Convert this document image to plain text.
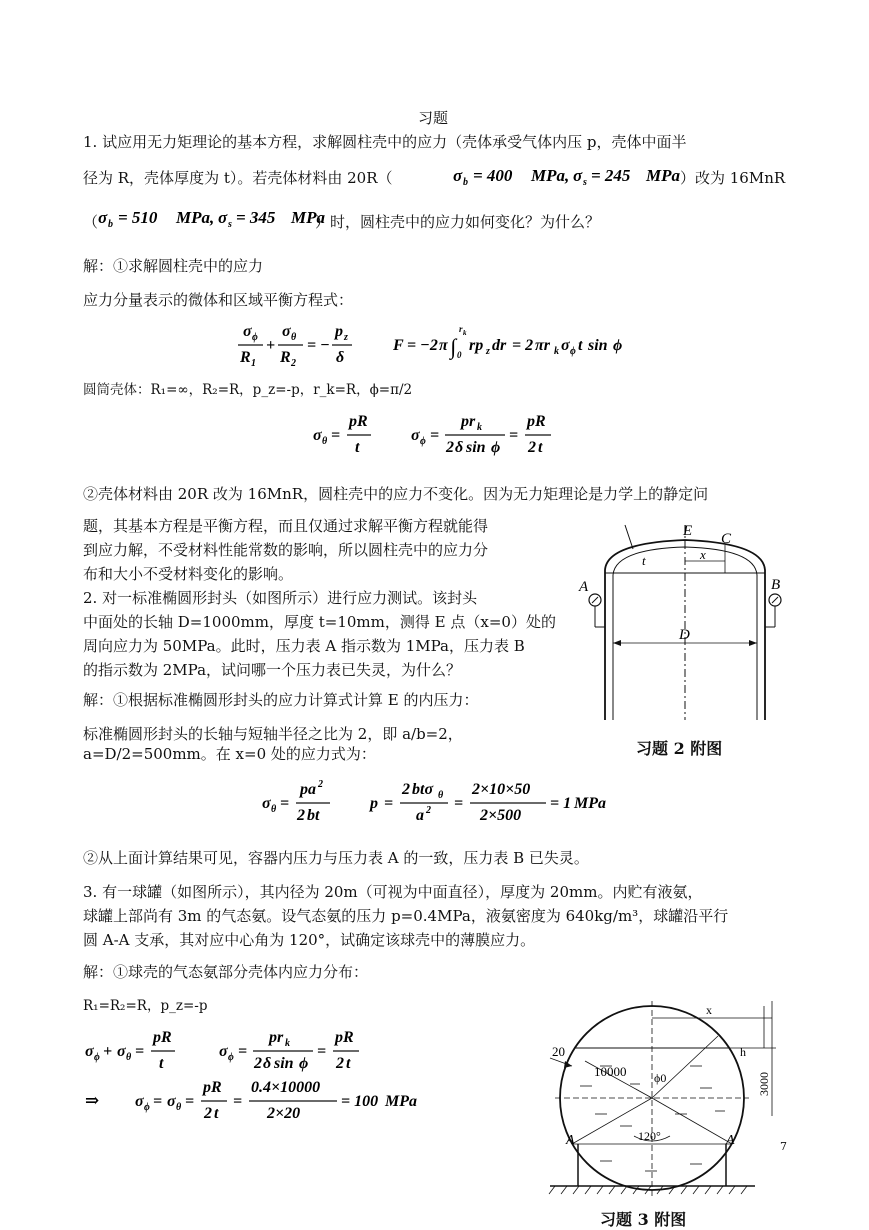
习题
1. 试应用无力矩理论的基本方程，求解圆柱壳中的应力（壳体承受气体内压 p，壳体中面半
径为 R，壳体厚度为 t）。若壳体材料由 20R（	σ b = 400 MPa , σ s = 245 MPa ）改为 16MnR
（ σ b = 510 MPa , σ s = 345 MPa
）时，圆柱壳中的应力如何变化？为什么？
解：①求解圆柱壳中的应力
应力分量表示的微体和区域平衡方程式：
σ ϕ
R 1
+
σ θ
R 2
= −
p z
δ
F = −2 π ∫ 0
r k
rp z dr = 2 πr k σ ϕ t sin ϕ
圆筒壳体：R₁=∞，R₂=R，p_z=-p，r_k=R，ϕ=π/2
σ θ =
pR
t
σ ϕ =
pr k
2 δ sin ϕ
=
pR
2 t
②壳体材料由 20R 改为 16MnR，圆柱壳中的应力不变化。因为无力矩理论是力学上的静定问
题，其基本方程是平衡方程，而且仅通过求解平衡方程就能得
到应力解，不受材料性能常数的影响，所以圆柱壳中的应力分
布和大小不受材料变化的影响。
2. 对一标准椭圆形封头（如图所示）进行应力测试。该封头
中面处的长轴 D=1000mm，厚度 t=10mm，测得 E 点（x=0）处的
周向应力为 50MPa。此时，压力表 A 指示数为 1MPa，压力表 B
的指示数为 2MPa，试问哪一个压力表已失灵，为什么？
E C
t	x
A	B
D
习题 2 附图
解：①根据标准椭圆形封头的应力计算式计算 E 的内压力：
标准椭圆形封头的长轴与短轴半径之比为 2，即 a/b=2，
a=D/2=500mm。在 x=0 处的应力式为：
σ θ =
pa 2
2 bt
p =
2 btσ θ
a 2 =
2×10×50
2×500
= 1 MPa
②从上面计算结果可见，容器内压力与压力表 A 的一致，压力表 B 已失灵。
3. 有一球罐（如图所示），其内径为 20m（可视为中面直径），厚度为 20mm。内贮有液氨，
球罐上部尚有 3m 的气态氨。设气态氨的压力 p=0.4MPa，液氨密度为 640kg/m³，球罐沿平行
圆 A-A 支承，其对应中心角为 120°，试确定该球壳中的薄膜应力。
解：①球壳的气态氨部分壳体内应力分布：
R₁=R₂=R，p_z=-p
σ ϕ + σ θ =
pR
t
σ ϕ =
pr k
2 δ sin ϕ
=
pR
2 t
⇒ σ ϕ = σ θ =
pR
2 t
=
0.4×10000
2×20
= 100 MPa
x
h
3000
20
10000 ϕ0
120°
A	A
习题 3 附图
7
